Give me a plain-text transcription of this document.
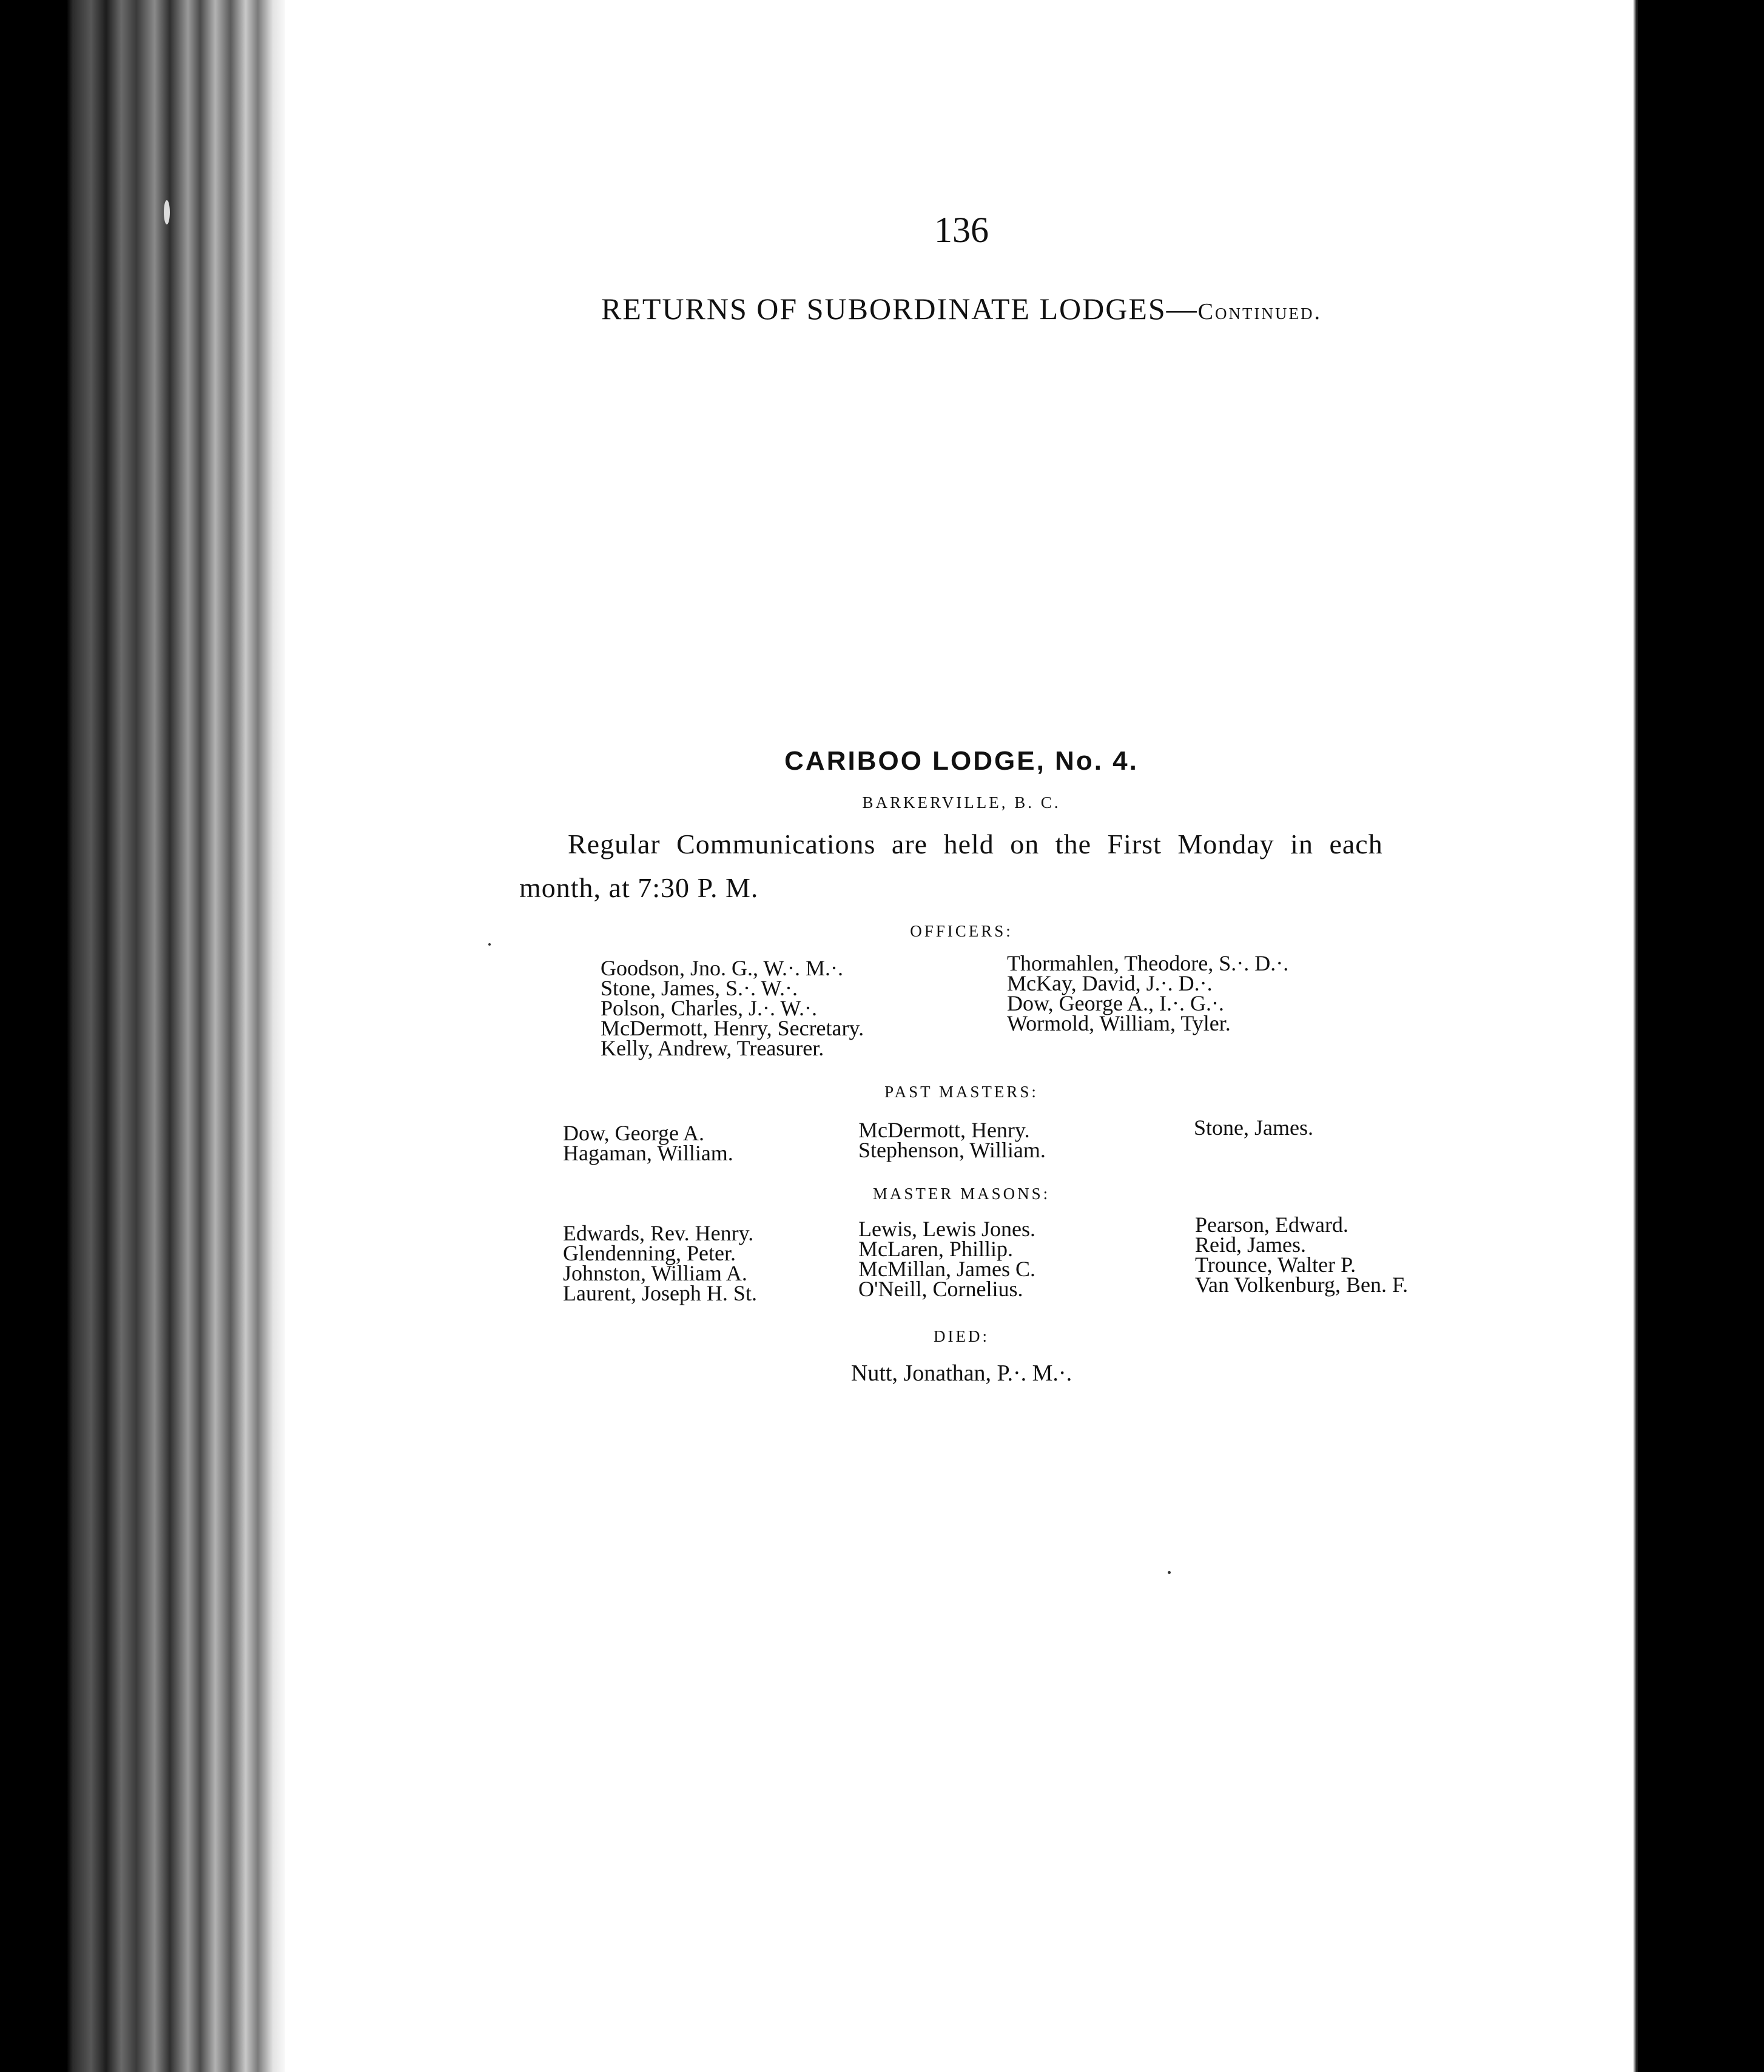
136
RETURNS OF SUBORDINATE LODGES—Continued.
CARIBOO LODGE, No. 4.
BARKERVILLE, B. C.
Regular Communications are held on the First Monday in each
month, at 7:30 P. M.
OFFICERS:
Goodson, Jno. G., W.·. M.·.
Stone, James, S.·. W.·.
Polson, Charles, J.·. W.·.
McDermott, Henry, Secretary.
Kelly, Andrew, Treasurer.
Thormahlen, Theodore, S.·. D.·.
McKay, David, J.·. D.·.
Dow, George A., I.·. G.·.
Wormold, William, Tyler.
PAST MASTERS:
Dow, George A.
Hagaman, William.
McDermott, Henry.
Stephenson, William.
Stone, James.
MASTER MASONS:
Edwards, Rev. Henry.
Glendenning, Peter.
Johnston, William A.
Laurent, Joseph H. St.
Lewis, Lewis Jones.
McLaren, Phillip.
McMillan, James C.
O'Neill, Cornelius.
Pearson, Edward.
Reid, James.
Trounce, Walter P.
Van Volkenburg, Ben. F.
DIED:
Nutt, Jonathan, P.·. M.·.
